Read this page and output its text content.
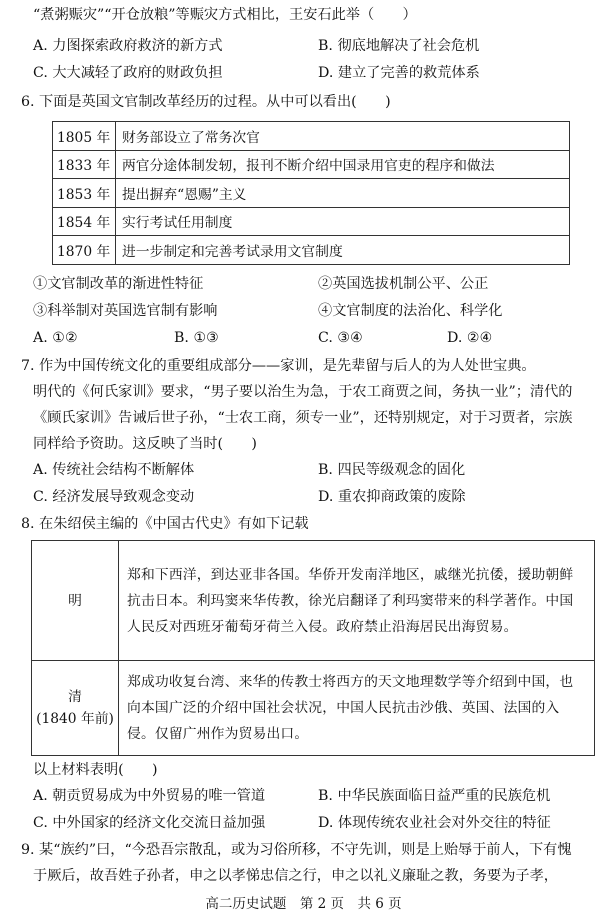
“煮粥赈灾”“开仓放粮”等赈灾方式相比，王安石此举（　　）
A. 力图探索政府救济的新方式	B. 彻底地解决了社会危机
C. 大大减轻了政府的财政负担	D. 建立了完善的救荒体系
6. 下面是英国文官制改革经历的过程。从中可以看出(　　)
1805 年	财务部设立了常务次官
1833 年	两官分途体制发轫，报刊不断介绍中国录用官吏的程序和做法
1853 年	提出摒弃“恩赐”主义
1854 年	实行考试任用制度
1870 年	进一步制定和完善考试录用文官制度
①文官制改革的渐进性特征	②英国选拔机制公平、公正
③科举制对英国选官制有影响	④文官制度的法治化、科学化
A. ①②	B. ①③	C. ③④	D. ②④
7. 作为中国传统文化的重要组成部分——家训，是先辈留与后人的为人处世宝典。
明代的《何氏家训》要求，“男子要以治生为急，于农工商贾之间，务执一业”；清代的
《顾氏家训》告诫后世子孙，“士农工商，须专一业”，还特别规定，对于习贾者，宗族
同样给予资助。这反映了当时(　　)
A. 传统社会结构不断解体	B. 四民等级观念的固化
C. 经济发展导致观念变动	D. 重农抑商政策的废除
8. 在朱绍侯主编的《中国古代史》有如下记载
明	郑和下西洋，到达亚非各国。华侨开发南洋地区，戚继光抗倭，援助朝鲜抗击日本。利玛窦来华传教，徐光启翻译了利玛窦带来的科学著作。中国人民反对西班牙葡萄牙荷兰入侵。政府禁止沿海居民出海贸易。

清
(1840 年前)	郑成功收复台湾、来华的传教士将西方的天文地理数学等介绍到中国，也向本国广泛的介绍中国社会状况，中国人民抗击沙俄、英国、法国的入侵。仅留广州作为贸易出口。
以上材料表明(　　)
A. 朝贡贸易成为中外贸易的唯一管道	B. 中华民族面临日益严重的民族危机
C. 中外国家的经济文化交流日益加强	D. 体现传统农业社会对外交往的特征
9. 某“族约”曰，“今恐吾宗散乱，或为习俗所移，不守先训，则是上贻辱于前人，下有愧
于厥后，故吾姓子孙者，申之以孝悌忠信之行，申之以礼义廉耻之教，务要为子孝，
高二历史试题　第 2 页　共 6 页
